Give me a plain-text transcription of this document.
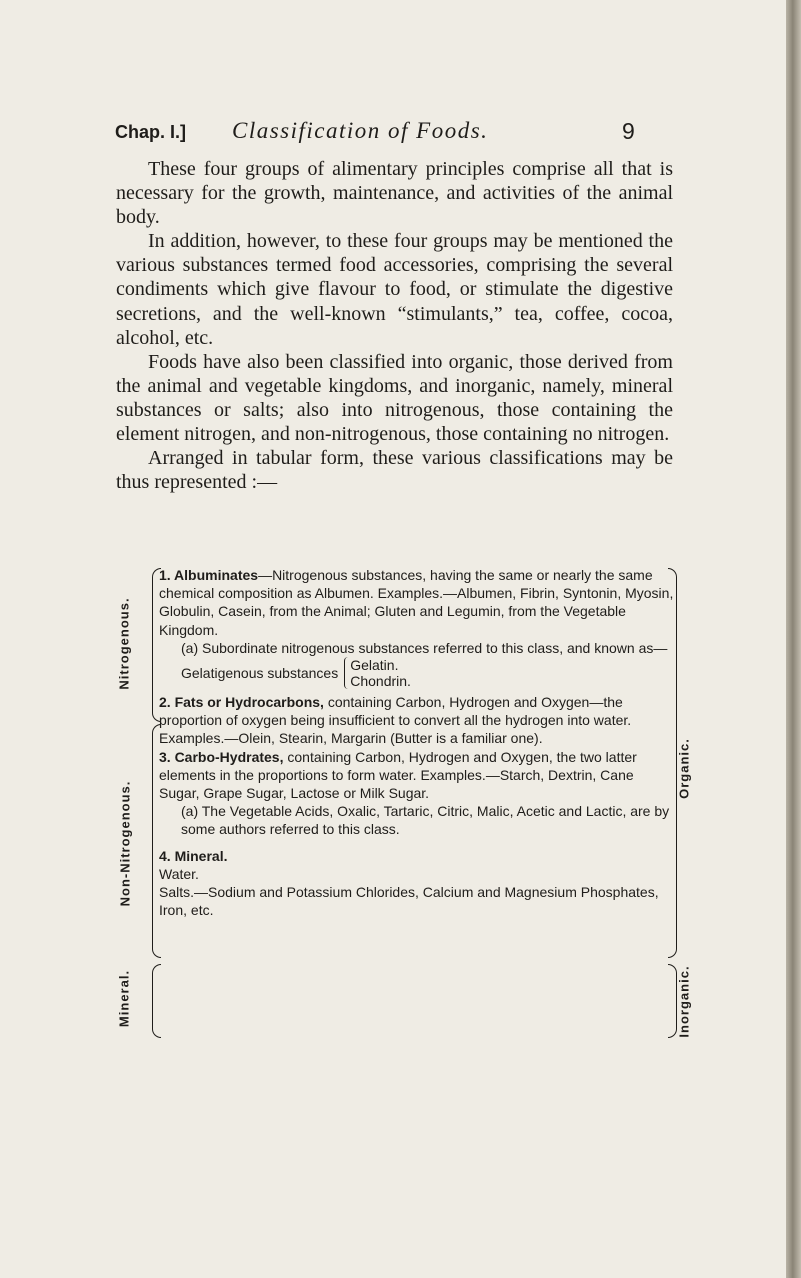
Chap. I.] Classification of Foods.	9

These four groups of alimentary principles comprise all that is necessary for the growth, maintenance, and activities of the animal body.

In addition, however, to these four groups may be mentioned the various substances termed food accessories, comprising the several condiments which give flavour to food, or stimulate the digestive secretions, and the well-known “stimulants,” tea, coffee, cocoa, alcohol, etc.

Foods have also been classified into organic, those derived from the animal and vegetable kingdoms, and inorganic, namely, mineral substances or salts; also into nitrogenous, those containing the element nitrogen, and non-nitrogenous, those containing no nitrogen.

Arranged in tabular form, these various classifications may be thus represented :—

Nitrogenous.
Non-Nitrogenous.
Mineral.
Organic.
Inorganic.

1. Albuminates—Nitrogenous substances, having the same or nearly the same chemical composition as Albumen. Examples.—Albumen, Fibrin, Syntonin, Myosin, Globulin, Casein, from the Animal; Gluten and Legumin, from the Vegetable Kingdom.

(a) Subordinate nitrogenous substances referred to this class, and known as—

Gelatigenous substances Gelatin.
Chondrin.

2. Fats or Hydrocarbons, containing Carbon, Hydrogen and Oxygen—the proportion of oxygen being insufficient to convert all the hydrogen into water. Examples.—Olein, Stearin, Margarin (Butter is a familiar one).

3. Carbo-Hydrates, containing Carbon, Hydrogen and Oxygen, the two latter elements in the proportions to form water. Examples.—Starch, Dextrin, Cane Sugar, Grape Sugar, Lactose or Milk Sugar.

(a) The Vegetable Acids, Oxalic, Tartaric, Citric, Malic, Acetic and Lactic, are by some authors referred to this class.

4. Mineral.

Water.

Salts.—Sodium and Potassium Chlorides, Calcium and Magnesium Phosphates, Iron, etc.
